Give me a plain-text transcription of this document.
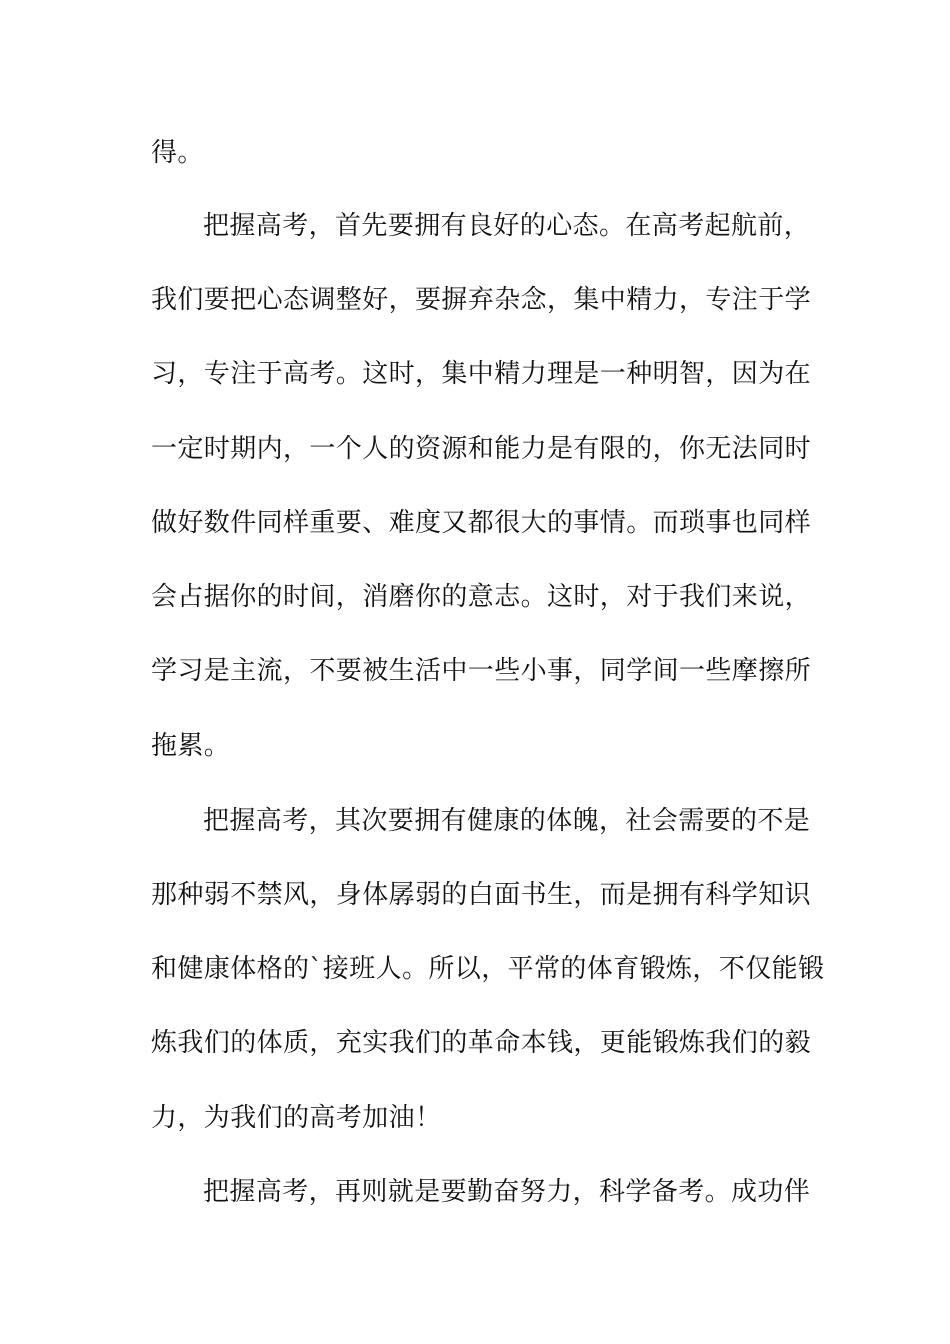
得。
把握高考，首先要拥有良好的心态。在高考起航前，
我们要把心态调整好，要摒弃杂念，集中精力，专注于学
习，专注于高考。这时，集中精力理是一种明智，因为在
一定时期内，一个人的资源和能力是有限的，你无法同时
做好数件同样重要、难度又都很大的事情。而琐事也同样
会占据你的时间，消磨你的意志。这时，对于我们来说，
学习是主流，不要被生活中一些小事，同学间一些摩擦所
拖累。
把握高考，其次要拥有健康的体魄，社会需要的不是
那种弱不禁风，身体孱弱的白面书生，而是拥有科学知识
和健康体格的`接班人。所以，平常的体育锻炼，不仅能锻
炼我们的体质，充实我们的革命本钱，更能锻炼我们的毅
力，为我们的高考加油！
把握高考，再则就是要勤奋努力，科学备考。成功伴
